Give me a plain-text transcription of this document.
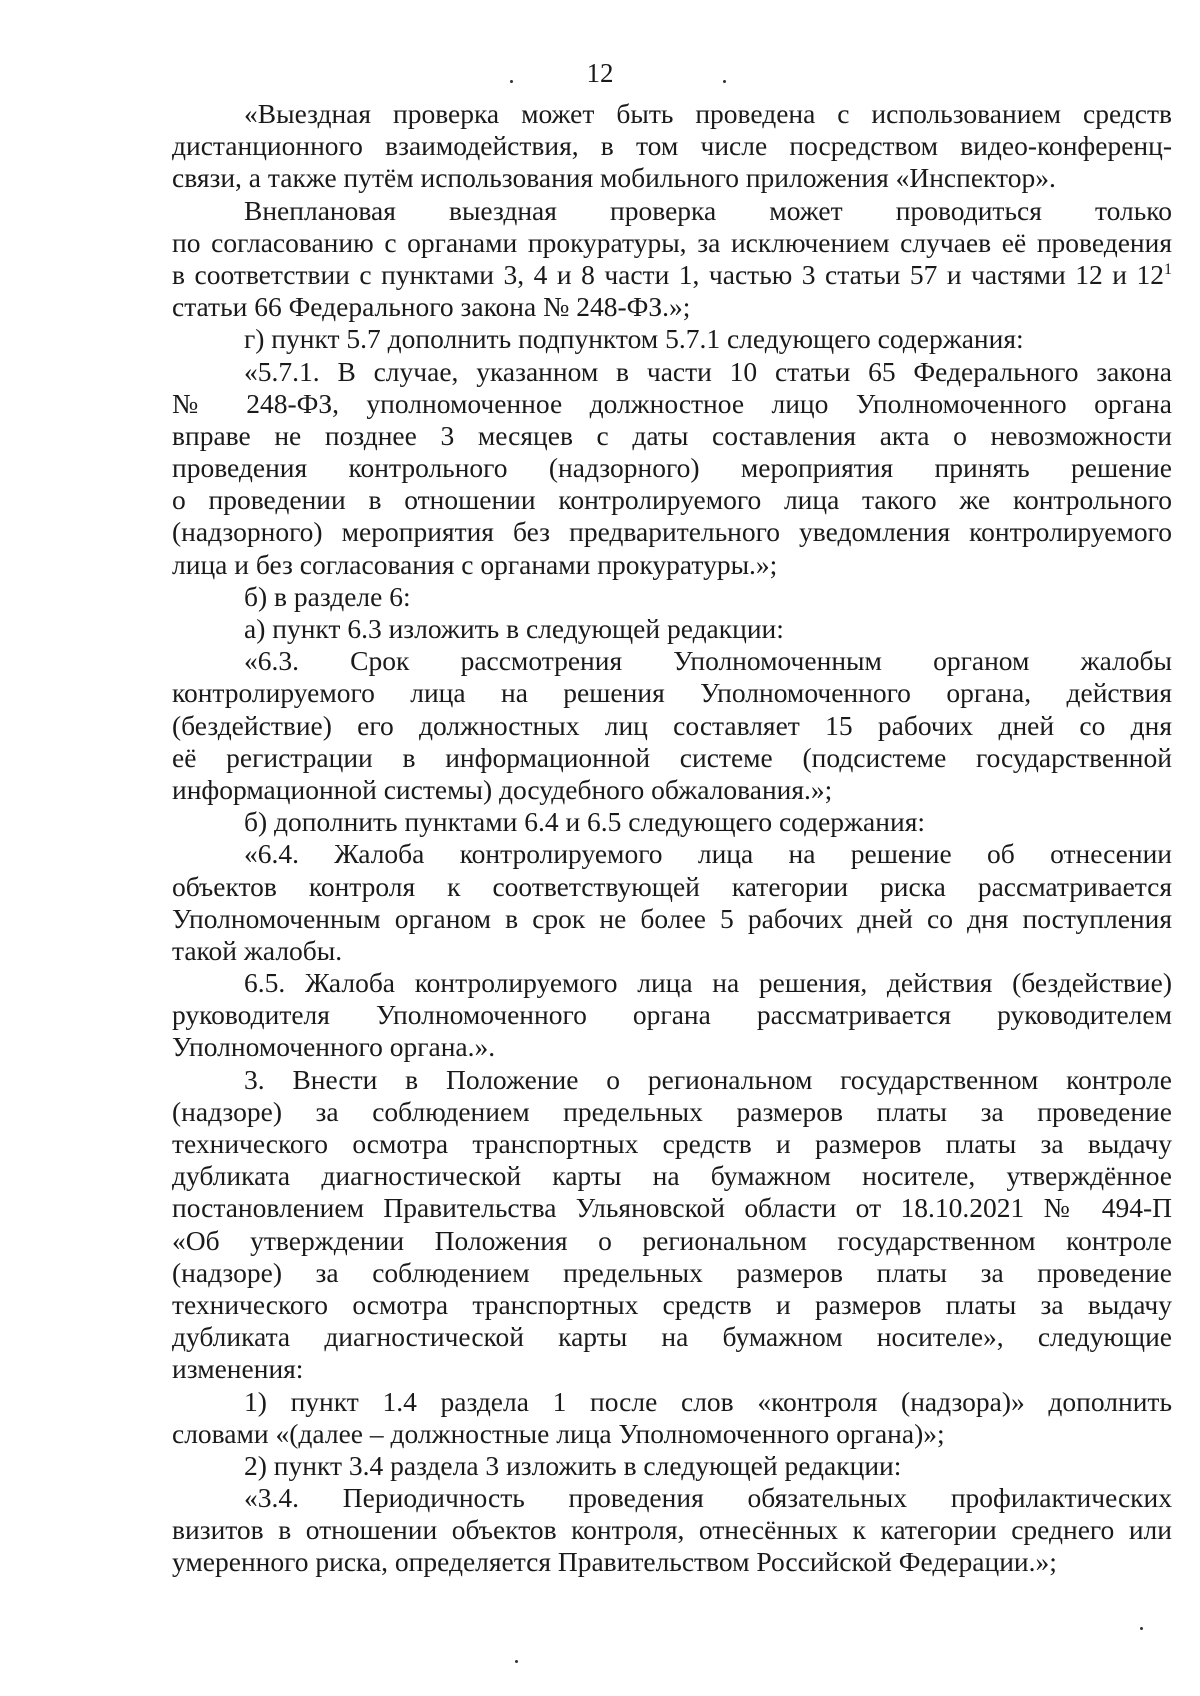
12
«Выездная проверка может быть проведена с использованием средств
дистанционного взаимодействия, в том числе посредством видео-конференц-
связи, а также путём использования мобильного приложения «Инспектор».
Внеплановая выездная проверка может проводиться только
по согласованию с органами прокуратуры, за исключением случаев её проведения
в соответствии с пунктами 3, 4 и 8 части 1, частью 3 статьи 57 и частями 12 и $12^1$
статьи 66 Федерального закона № 248-ФЗ.»;
г) пункт 5.7 дополнить подпунктом 5.7.1 следующего содержания:
«5.7.1. В случае, указанном в части 10 статьи 65 Федерального закона
№ 248-ФЗ, уполномоченное должностное лицо Уполномоченного органа
вправе не позднее 3 месяцев с даты составления акта о невозможности
проведения контрольного (надзорного) мероприятия принять решение
о проведении в отношении контролируемого лица такого же контрольного
(надзорного) мероприятия без предварительного уведомления контролируемого
лица и без согласования с органами прокуратуры.»;
б) в разделе 6:
а) пункт 6.3 изложить в следующей редакции:
«6.3. Срок рассмотрения Уполномоченным органом жалобы
контролируемого лица на решения Уполномоченного органа, действия
(бездействие) его должностных лиц составляет 15 рабочих дней со дня
её регистрации в информационной системе (подсистеме государственной
информационной системы) досудебного обжалования.»;
б) дополнить пунктами 6.4 и 6.5 следующего содержания:
«6.4. Жалоба контролируемого лица на решение об отнесении
объектов контроля к соответствующей категории риска рассматривается
Уполномоченным органом в срок не более 5 рабочих дней со дня поступления
такой жалобы.
6.5. Жалоба контролируемого лица на решения, действия (бездействие)
руководителя Уполномоченного органа рассматривается руководителем
Уполномоченного органа.».
3. Внести в Положение о региональном государственном контроле
(надзоре) за соблюдением предельных размеров платы за проведение
технического осмотра транспортных средств и размеров платы за выдачу
дубликата диагностической карты на бумажном носителе, утверждённое
постановлением Правительства Ульяновской области от 18.10.2021 № 494-П
«Об утверждении Положения о региональном государственном контроле
(надзоре) за соблюдением предельных размеров платы за проведение
технического осмотра транспортных средств и размеров платы за выдачу
дубликата диагностической карты на бумажном носителе», следующие
изменения:
1) пункт 1.4 раздела 1 после слов «контроля (надзора)» дополнить
словами «(далее – должностные лица Уполномоченного органа)»;
2) пункт 3.4 раздела 3 изложить в следующей редакции:
«3.4. Периодичность проведения обязательных профилактических
визитов в отношении объектов контроля, отнесённых к категории среднего или
умеренного риска, определяется Правительством Российской Федерации.»;
